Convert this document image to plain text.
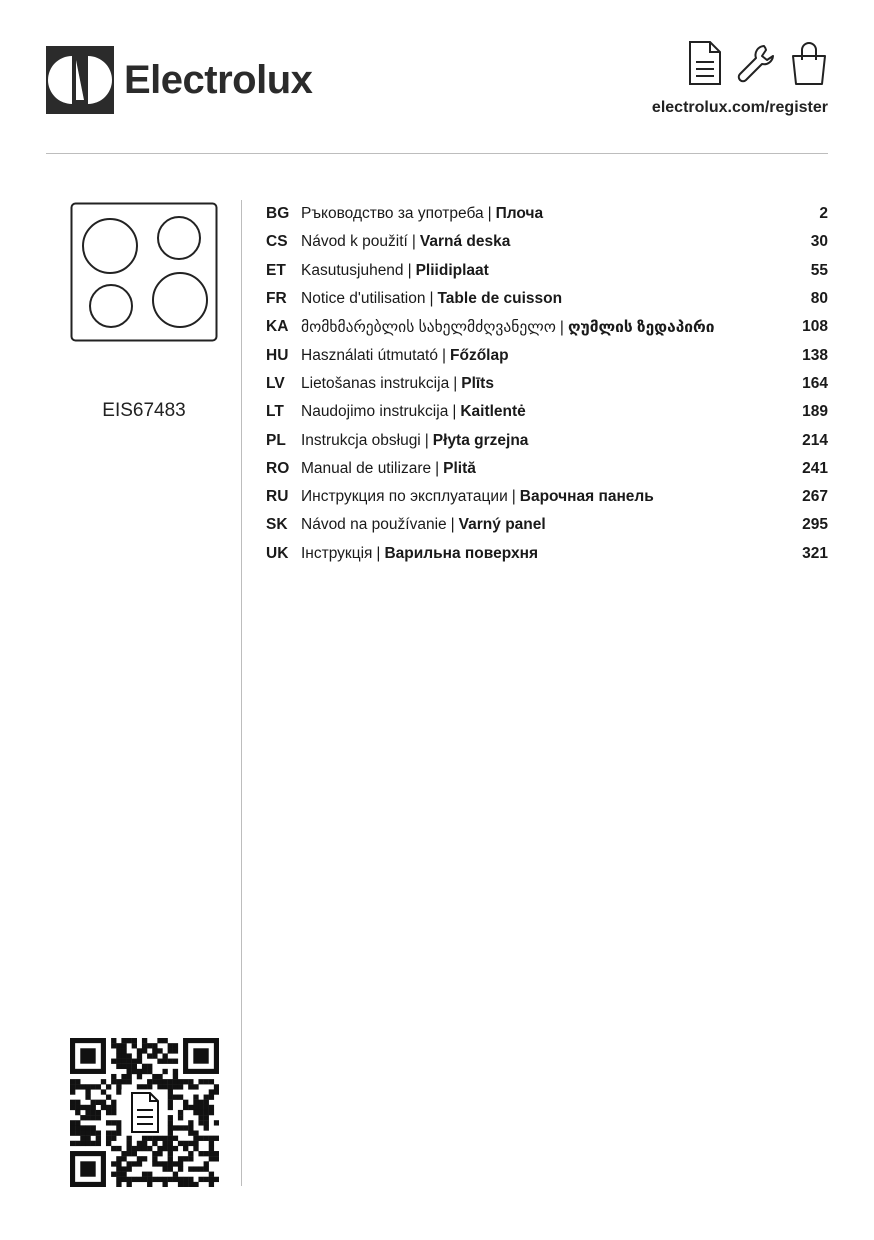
Electrolux
electrolux.com/register
EIS67483
BG Ръководство за употреба | Плоча	2
CS Návod k použití | Varná deska	30
ET Kasutusjuhend | Pliidiplaat	55
FR Notice d'utilisation | Table de cuisson	80
KA მომხმარებლის სახელმძღვანელო | ღუმლის ზედაპირი	108
HU Használati útmutató | Főzőlap	138
LV	Lietošanas instrukcija | Plīts	164
LT	Naudojimo instrukcija | Kaitlentė	189
PL Instrukcja obsługi | Płyta grzejna	214
RO Manual de utilizare | Plită	241
RU Инструкция по эксплуатации | Варочная панель	267
SK Návod na používanie | Varný panel	295
UK Інструкція | Варильна поверхня	321
